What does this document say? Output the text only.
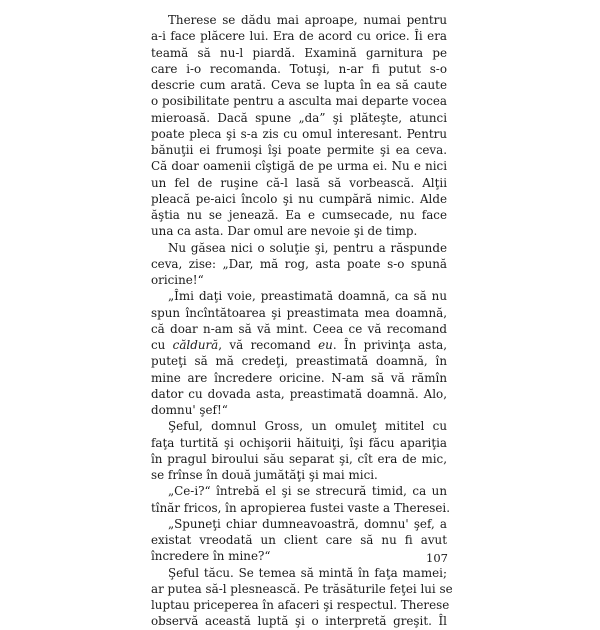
Therese se dădu mai aproape, numai pentru
a-i face plăcere lui. Era de acord cu orice. Îi era
teamă să nu-l piardă. Examină garnitura pe
care i-o recomanda. Totuşi, n-ar fi putut s-o
descrie cum arată. Ceva se lupta în ea să caute
o posibilitate pentru a asculta mai departe vocea
mieroasă. Dacă spune „da” şi plăteşte, atunci
poate pleca şi s-a zis cu omul interesant. Pentru
bănuţii ei frumoşi îşi poate permite şi ea ceva.
Că doar oamenii cîştigă de pe urma ei. Nu e nici
un fel de ruşine că-l lasă să vorbească. Alţii
pleacă pe-aici încolo şi nu cumpără nimic. Alde
ăştia nu se jenează. Ea e cumsecade, nu face
una ca asta. Dar omul are nevoie şi de timp.
Nu găsea nici o soluţie şi, pentru a răspunde
ceva, zise: „Dar, mă rog, asta poate s-o spună
oricine!“
„Îmi daţi voie, preastimată doamnă, ca să nu
spun încîntătoarea şi preastimata mea doamnă,
că doar n-am să vă mint. Ceea ce vă recomand
cu căldură, vă recomand eu. În privinţa asta,
puteţi să mă credeţi, preastimată doamnă, în
mine are încredere oricine. N-am să vă rămîn
dator cu dovada asta, preastimată doamnă. Alo,
domnu' şef!“
Şeful, domnul Gross, un omuleţ mititel cu
faţa turtită şi ochişorii hăituiţi, îşi făcu apariţia
în pragul biroului său separat şi, cît era de mic,
se frînse în două jumătăţi şi mai mici.
„Ce-i?“ întrebă el şi se strecură timid, ca un
tînăr fricos, în apropierea fustei vaste a Theresei.
„Spuneţi chiar dumneavoastră, domnu' şef, a
existat vreodată un client care să nu fi avut
încredere în mine?“
Şeful tăcu. Se temea să mintă în faţa mamei;
ar putea să-l plesnească. Pe trăsăturile feţei lui se
luptau priceperea în afaceri şi respectul. Therese
observă această luptă şi o interpretă greşit. Îl
107
